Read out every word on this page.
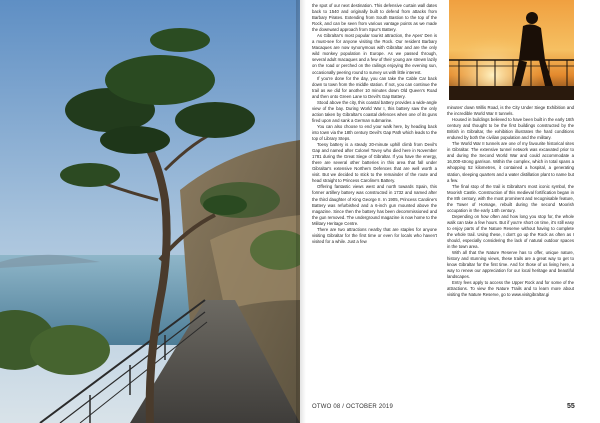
the spot of our next destination. This defensive curtain wall dates back to 1540 and originally built to defend from attacks from Barbary Pirates. Extending from South Bastion to the top of the Rock, and can be seen from various vantage points as we made the downward approach from Spur's Battery.

As Gibraltar's most popular tourist attraction, the Apes' Den is a must-see for anyone visiting the Rock. Our resident Barbary Macaques are now synonymous with Gibraltar and are the only wild monkey population in Europe. As we passed through, several adult macaques and a few of their young are strewn lazily on the road or perched on the railings enjoying the evening sun, occasionally peering round to survey us with little interest.

If you're done for the day, you can take the Cable Car back down to town from the middle station. If not, you can continue the trail as we did for another 10 minutes down Old Queen's Road and then onto Green Lane to Devil's Gap Battery.

Stood above the city, this coastal battery provides a wide-angle view of the bay. During World War I, this battery saw the only action taken by Gibraltar's coastal defences when one of its guns fired upon and sank a German submarine.

You can also choose to end your walk here, by heading back into town via the 18th century Devil's Gap Path which leads to the top of Library Steps.

Toesy battery is a steady 20-minute uphill climb from Devil's Gap and named after Colonel Tovey who died here in November 1781 during the Great Siege of Gibraltar. If you have the energy, there are several other batteries in this area that fall under Gibraltar's extensive Northern Defences that are well worth a visit. But we decided to stick to the remainder of the route and head straight to Princess Caroline's Battery.

Offering fantastic views west and north towards Spain, this former artillery battery was constructed in 1732 and named after the third daughter of King George II. In 1905, Princess Caroline's Battery was refurbished and a 6-inch gun mounted above the magazine. Since then the battery has been decommissioned and the gun removed. The underground magazine is now home to the Military Heritage Centre.

There are two attractions nearby that are staples for anyone visiting Gibraltar for the first time or even for locals who haven't visited for a while. Just a few

minutes' down Willis Road, is the City Under Siege Exhibition and the incredible World War II tunnels.

Housed in buildings believed to have been built in the early 16th century and thought to be the first buildings constructed by the British in Gibraltar, the exhibition illustrates the hard conditions endured by both the civilian population and the military.

The World War II tunnels are one of my favourite historical sites in Gibraltar. The extensive tunnel network was excavated prior to and during the Second World War and could accommodate a 16,000-strong garrison. Within the complex, which in total spans a whopping 52 kilometres, it contained a hospital, a generating station, sleeping quarters and a water distillation plant to name but a few.

The final stop of the trail is Gibraltar's most iconic symbol, the Moorish Castle. Construction of this medieval fortification began in the 8th century, with the most prominent and recognisable feature, the Tower of Homage, rebuilt during the second Moorish occupation in the early 14th century.

Depending on how often and how long you stop for, the whole walk can take a few hours. But if you're short on time, it's still easy to enjoy parts of the Nature Reserve without having to complete the whole trail. Using these, I don't go up the Rock as often as I should, especially considering the lack of natural outdoor spaces in the town area.

With all that the Nature Reserve has to offer, unique nature, history and stunning views, these trails are a great way to get to know Gibraltar for the first time. And for those of us living here, a way to renew our appreciation for our local heritage and beautiful landscapes.

Entry fees apply to access the Upper Rock and for some of the attractions. To view the Nature Trails and to learn more about visiting the Nature Reserve, go to www.visitgibraltar.gi

OTWO 08 / OCTOBER 2019	55
